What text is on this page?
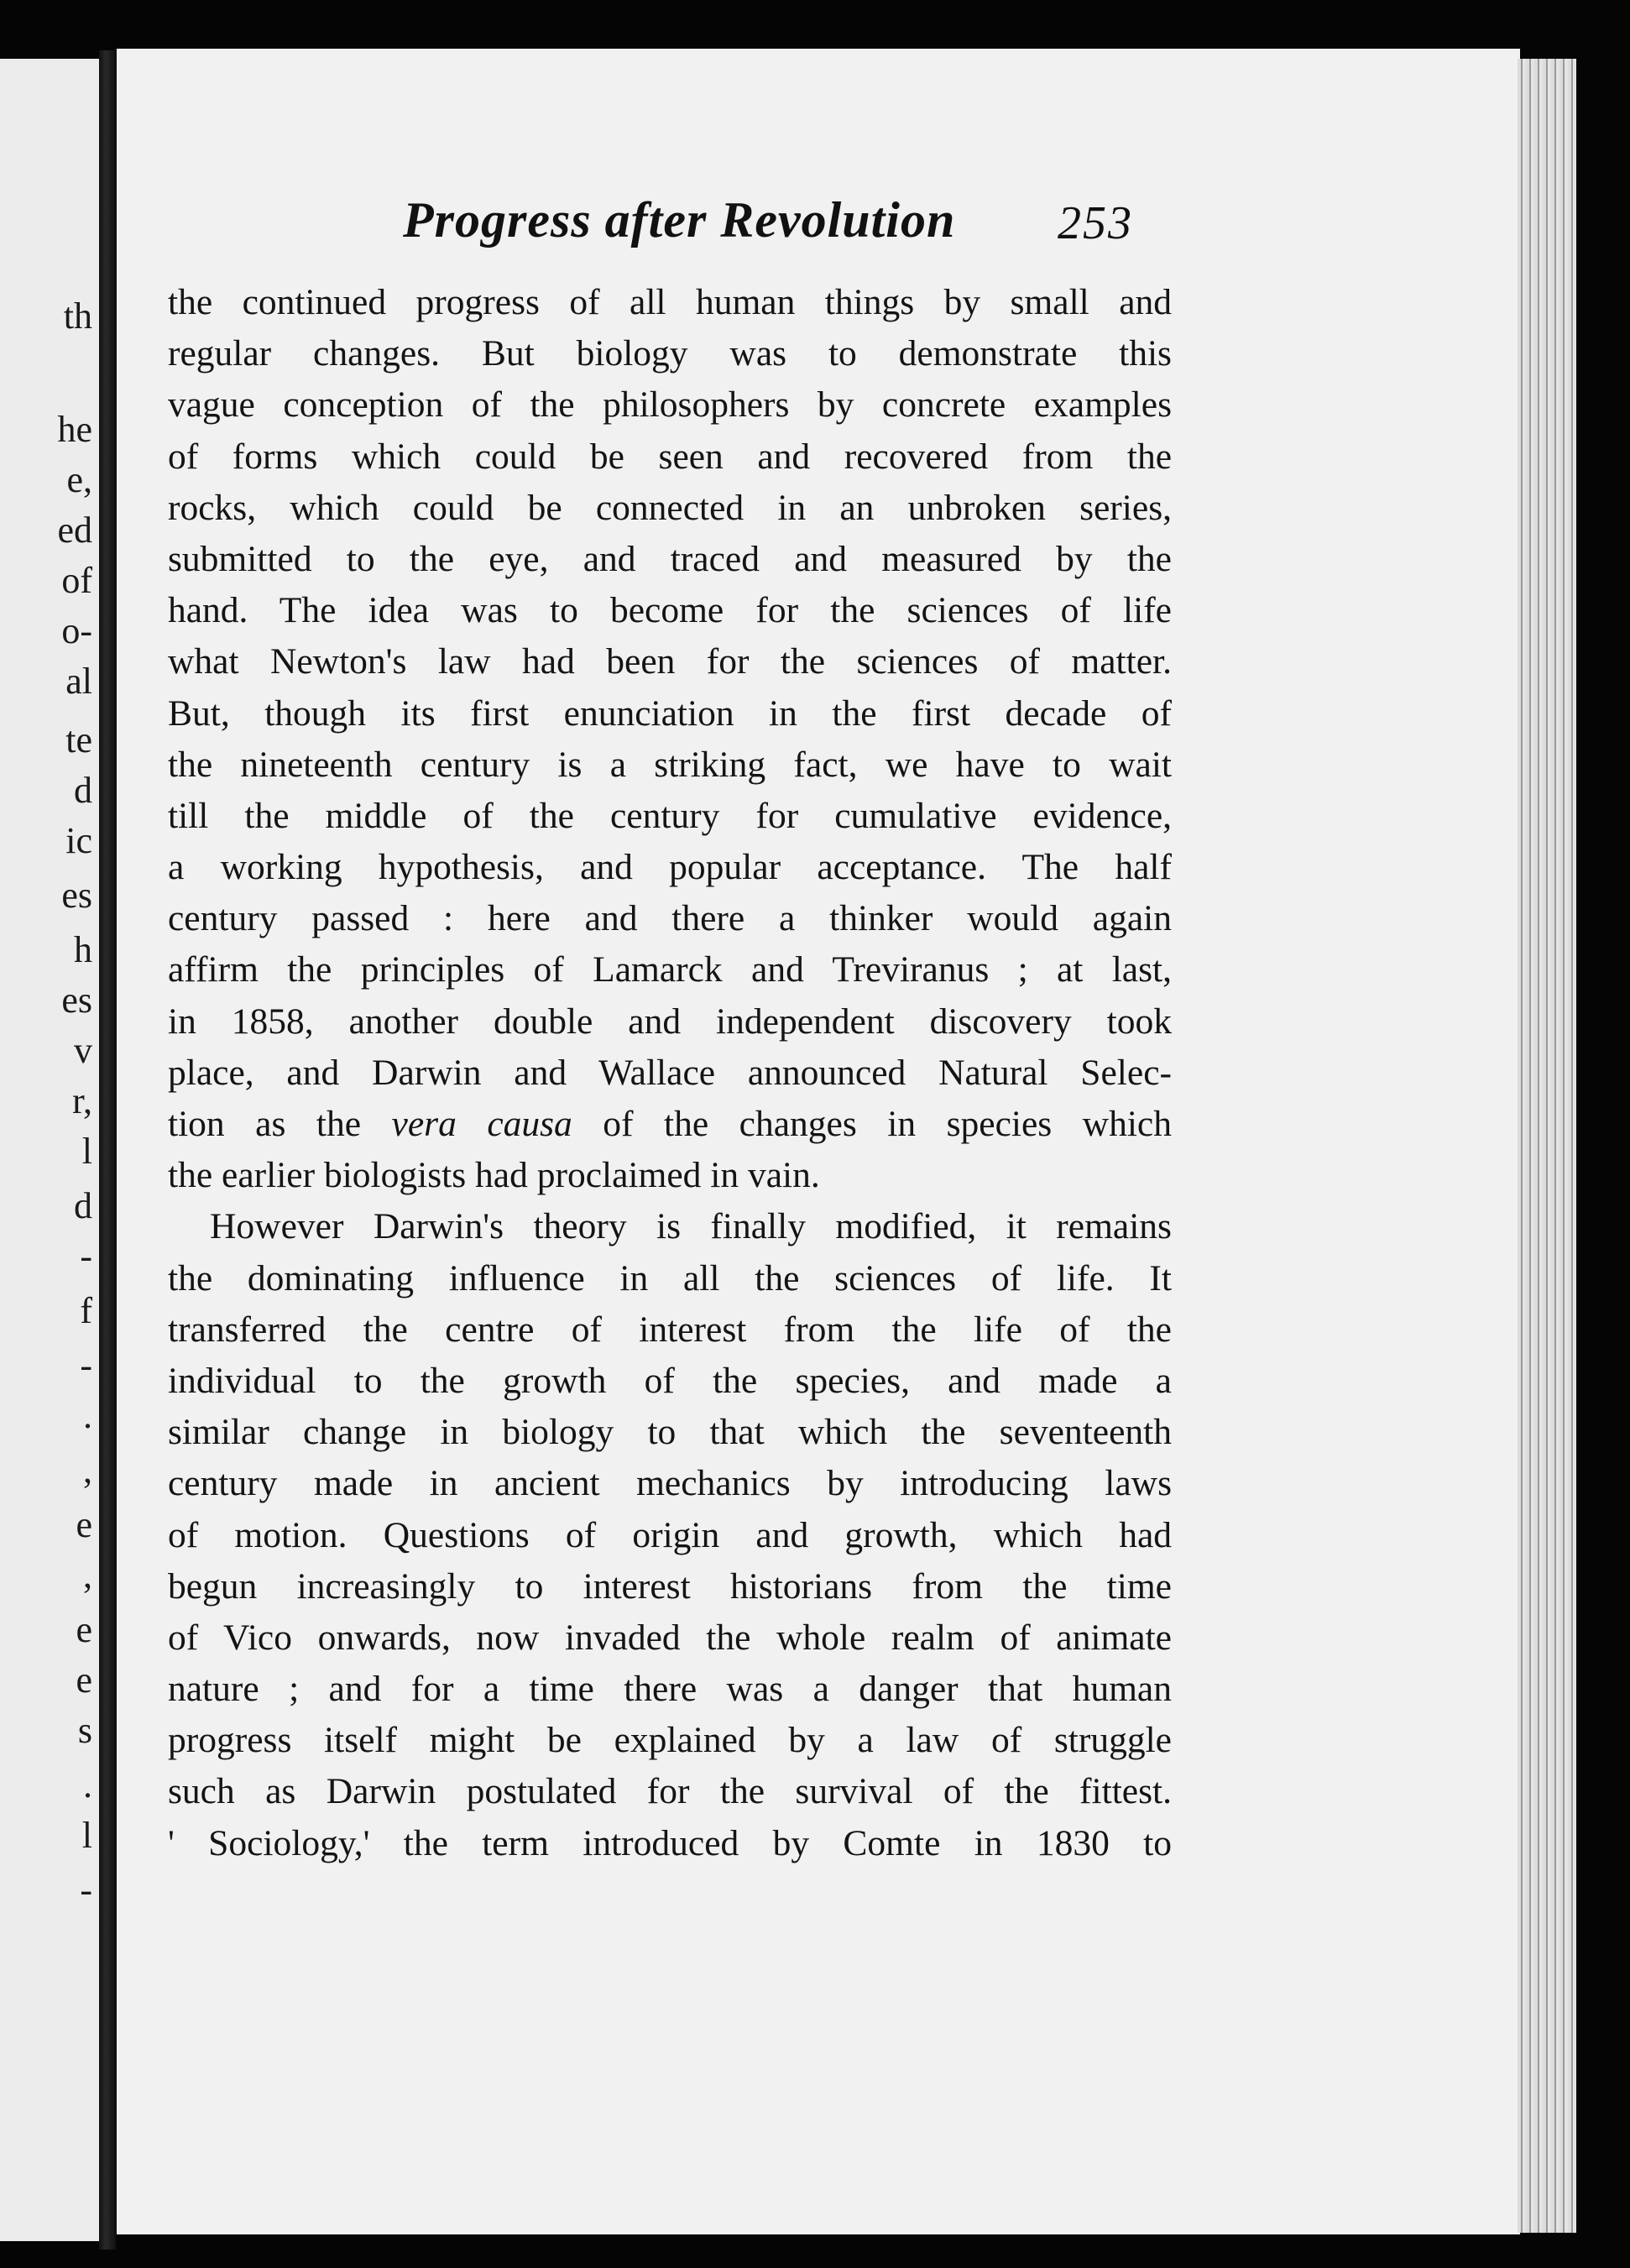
th
he
e,
ed
of
o-
al
te
d
ic
es
h
es
v
r,
l
d
-
f
-
.
,
e
,
e
e
s
.
l
-
Progress after Revolution 253
the continued progress of all human things by small and
regular changes. But biology was to demonstrate this
vague conception of the philosophers by concrete examples
of forms which could be seen and recovered from the
rocks, which could be connected in an unbroken series,
submitted to the eye, and traced and measured by the
hand. The idea was to become for the sciences of life
what Newton's law had been for the sciences of matter.
But, though its first enunciation in the first decade of
the nineteenth century is a striking fact, we have to wait
till the middle of the century for cumulative evidence,
a working hypothesis, and popular acceptance. The half
century passed : here and there a thinker would again
affirm the principles of Lamarck and Treviranus ; at last,
in 1858, another double and independent discovery took
place, and Darwin and Wallace announced Natural Selec-
tion as the vera causa of the changes in species which
the earlier biologists had proclaimed in vain.
However Darwin's theory is finally modified, it remains
the dominating influence in all the sciences of life. It
transferred the centre of interest from the life of the
individual to the growth of the species, and made a
similar change in biology to that which the seventeenth
century made in ancient mechanics by introducing laws
of motion. Questions of origin and growth, which had
begun increasingly to interest historians from the time
of Vico onwards, now invaded the whole realm of animate
nature ; and for a time there was a danger that human
progress itself might be explained by a law of struggle
such as Darwin postulated for the survival of the fittest.
' Sociology,' the term introduced by Comte in 1830 to
